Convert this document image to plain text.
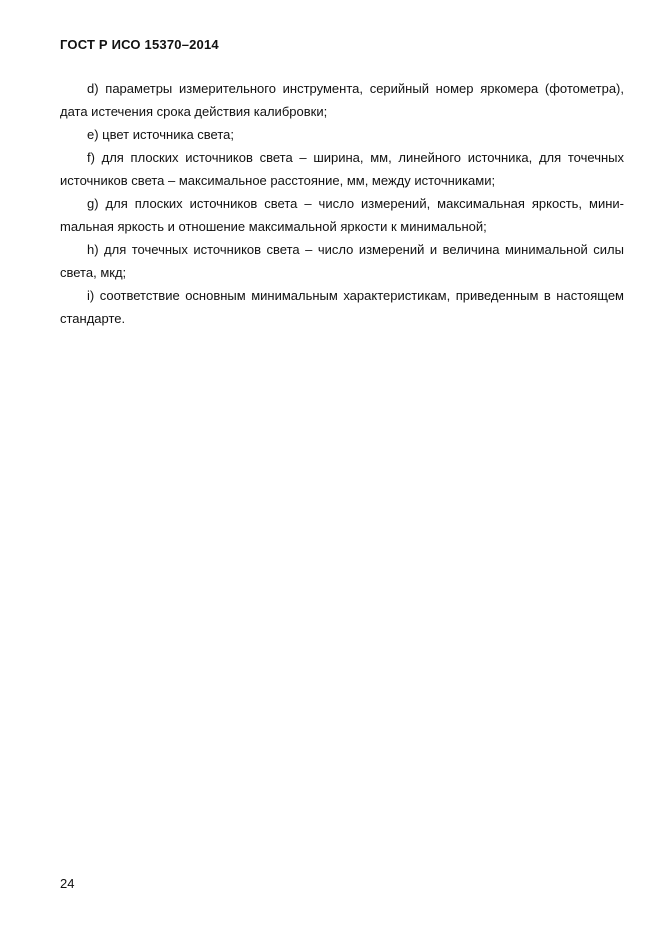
ГОСТ Р ИСО 15370–2014

d) параметры измерительного инструмента, серийный номер яркомера (фотометра), дата истечения срока действия калибровки;

e) цвет источника света;

f) для плоских источников света – ширина, мм, линейного источника, для точечных источников света – максимальное расстояние, мм, между источниками;

g) для плоских источников света – число измерений, максимальная яркость, миниmальная яркость и отношение максимальной яркости к минимальной;

h) для точечных источников света – число измерений и величина минимальной силы света, мкд;

i) соответствие основным минимальным характеристикам, приведенным в настоящем стандарте.

24
